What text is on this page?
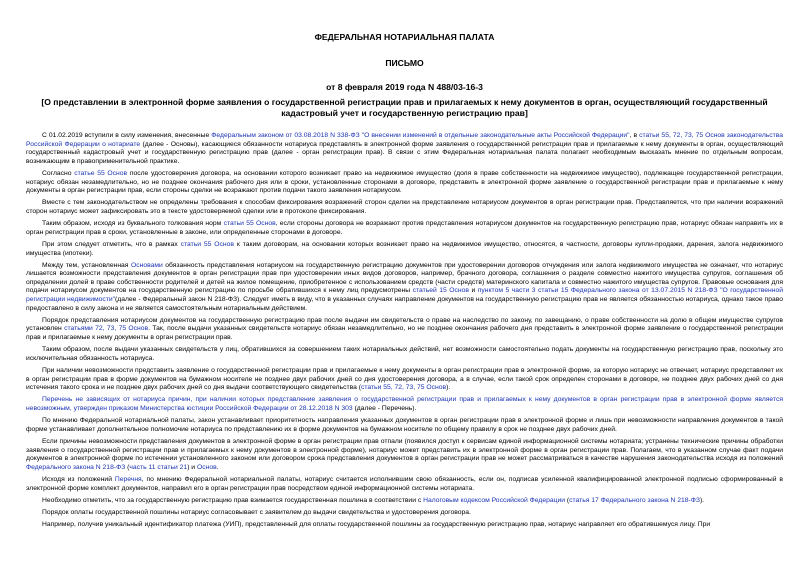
ФЕДЕРАЛЬНАЯ НОТАРИАЛЬНАЯ ПАЛАТА
ПИСЬМО
от 8 февраля 2019 года N 488/03-16-3
[О представлении в электронной форме заявления о государственной регистрации прав и прилагаемых к нему документов в орган, осуществляющий государственный кадастровый учет и государственную регистрацию прав]

С 01.02.2019 вступили в силу изменения, внесенные Федеральным законом от 03.08.2018 N 338-ФЗ "О внесении изменений в отдельные законодательные акты Российской Федерации", в статьи 55, 72, 73, 75 Основ законодательства Российской Федерации о нотариате (далее - Основы), касающиеся обязанности нотариуса представлять в электронной форме заявления о государственной регистрации прав и прилагаемые к нему документы в орган, осуществляющий государственный кадастровый учет и государственную регистрацию прав (далее - орган регистрации прав). В связи с этим Федеральная нотариальная палата полагает необходимым высказать мнение по отдельным вопросам, возникающим в правоприменительной практике.

Согласно статье 55 Основ после удостоверения договора, на основании которого возникает право на недвижимое имущество (доля в праве собственности на недвижимое имущество), подлежащее государственной регистрации, нотариус обязан незамедлительно, но не позднее окончания рабочего дня или в сроки, установленные сторонами в договоре, представить в электронной форме заявление о государственной регистрации прав и прилагаемые к нему документы в орган регистрации прав, если стороны сделки не возражают против подачи такого заявления нотариусом.

Вместе с тем законодательством не определены требования к способам фиксирования возражений сторон сделки на представление нотариусом документов в орган регистрации прав. Представляется, что при наличии возражений сторон нотариус может зафиксировать это в тексте удостоверяемой сделки или в протоколе фиксирования.

Таким образом, исходя из буквального толкования норм статьи 55 Основ, если стороны договора не возражают против представления нотариусом документов на государственную регистрацию прав, нотариус обязан направить их в орган регистрации прав в сроки, установленные в законе, или определенные сторонами в договоре.

При этом следует отметить, что в рамках статьи 55 Основ к таким договорам, на основании которых возникает право на недвижимое имущество, относятся, в частности, договоры купли-продажи, дарения, залога недвижимого имущества (ипотеки).

Между тем, установленная Основами обязанность представления нотариусом на государственную регистрацию документов при удостоверении договоров отчуждения или залога недвижимого имущества не означает, что нотариус лишается возможности представления документов в орган регистрации прав при удостоверении иных видов договоров, например, брачного договора, соглашения о разделе совместно нажитого имущества супругов, соглашения об определении долей в праве собственности родителей и детей на жилое помещение, приобретенное с использованием средств (части средств) материнского капитала и совместно нажитого имущества супругов. Правовые основания для подачи нотариусом документов на государственную регистрацию по просьбе обратившихся к нему лиц предусмотрены статьей 15 Основ и пунктом 5 части 3 статьи 15 Федерального закона от 13.07.2015 N 218-ФЗ "О государственной регистрации недвижимости"(далее - Федеральный закон N 218-ФЗ). Следует иметь в виду, что в указанных случаях направление документов на государственную регистрацию прав не является обязанностью нотариуса, однако такое право предоставлено в силу закона и не является самостоятельным нотариальным действием.

Порядок представления нотариусом документов на государственную регистрацию прав после выдачи им свидетельств о праве на наследство по закону, по завещанию, о праве собственности на долю в общем имуществе супругов установлен статьями 72, 73, 75 Основ. Так, после выдачи указанных свидетельств нотариус обязан незамедлительно, но не позднее окончания рабочего дня представить в электронной форме заявление о государственной регистрации прав и прилагаемые к нему документы в орган регистрации прав.

Таким образом, после выдачи указанных свидетельств у лиц, обратившихся за совершением таких нотариальных действий, нет возможности самостоятельно подать документы на государственную регистрацию прав, поскольку это исключительная обязанность нотариуса.

При наличии невозможности представить заявление о государственной регистрации прав и прилагаемые к нему документы в орган регистрации прав в электронной форме, за которую нотариус не отвечает, нотариус представляет их в орган регистрации прав в форме документов на бумажном носителе не позднее двух рабочих дней со дня удостоверения договора, а в случае, если такой срок определен сторонами в договоре, не позднее двух рабочих дней со дня истечения такого срока и не позднее двух рабочих дней со дня выдачи соответствующего свидетельства (статьи 55, 72, 73, 75 Основ).

Перечень не зависящих от нотариуса причин, при наличии которых представление заявления о государственной регистрации прав и прилагаемых к нему документов в орган регистрации прав в электронной форме является невозможным, утвержден приказом Министерства юстиции Российской Федерации от 28.12.2018 N 303 (далее - Перечень).

По мнению Федеральной нотариальной палаты, закон устанавливает приоритетность направления указанных документов в орган регистрации прав в электронной форме и лишь при невозможности направления документов в такой форме устанавливает дополнительное полномочие нотариуса по представлению их в форме документов на бумажном носителе по общему правилу в срок не позднее двух рабочих дней.

Если причины невозможности представления документов в электронной форме в орган регистрации прав отпали (появился доступ к сервисам единой информационной системы нотариата; устранены технические причины обработки заявления о государственной регистрации прав и прилагаемых к нему документов в электронной форме), нотариус может представить их в электронной форме в орган регистрации прав. Полагаем, что в указанном случае факт подачи документов в электронной форме по истечении установленного законом или договором срока представления документов в орган регистрации прав не может рассматриваться в качестве нарушения законодательства исходя из положений Федерального закона N 218-ФЗ (часть 11 статьи 21) и Основ.

Исходя из положений Перечня, по мнению Федеральной нотариальной палаты, нотариус считается исполнившим свою обязанность, если он, подписав усиленной квалифицированной электронной подписью сформированный в электронной форме комплект документов, направил его в орган регистрации прав посредством единой информационной системы нотариата.

Необходимо отметить, что за государственную регистрацию прав взимается государственная пошлина в соответствии с Налоговым кодексом Российской Федерации (статья 17 Федерального закона N 218-ФЗ).

Порядок оплаты государственной пошлины нотариус согласовывает с заявителем до выдачи свидетельства и удостоверения договора.

Например, получив уникальный идентификатор платежа (УИП), представленный для оплаты государственной пошлины за государственную регистрацию прав, нотариус направляет его обратившемуся лицу. При
